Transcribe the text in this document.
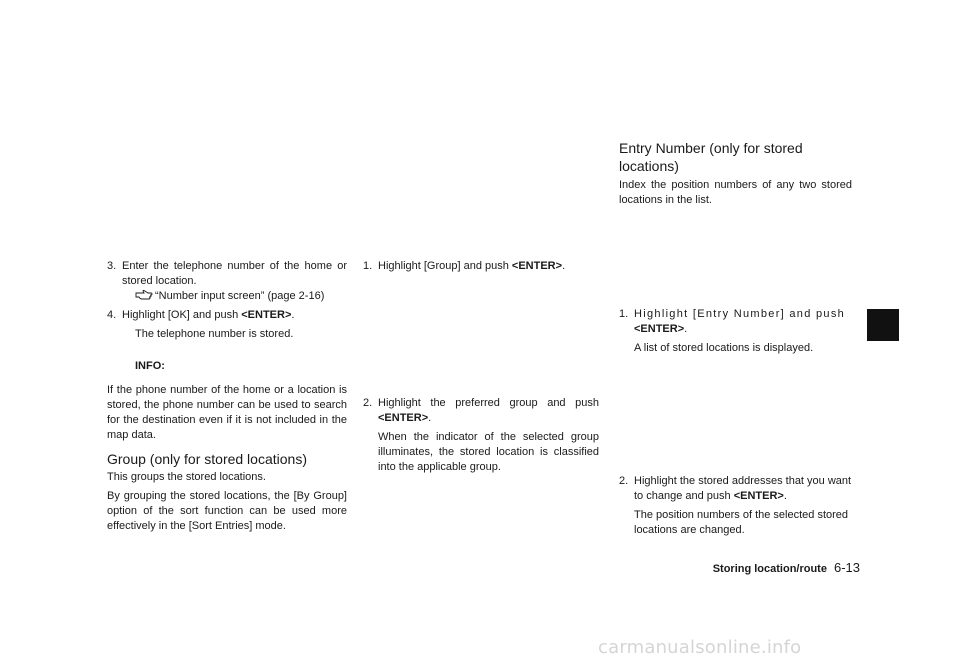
3. Enter the telephone number of the home or stored location.

“Number input screen” (page 2-16)

4. Highlight [OK] and push <ENTER>.

The telephone number is stored.

INFO:

If the phone number of the home or a location is stored, the phone number can be used to search for the destination even if it is not included in the map data.

Group (only for stored locations)

This groups the stored locations.

By grouping the stored locations, the [By Group] option of the sort function can be used more effectively in the [Sort Entries] mode.

1. Highlight [Group] and push <ENTER>.
2. Highlight the preferred group and push <ENTER>.

When the indicator of the selected group illuminates, the stored location is classified into the applicable group.

Entry Number (only for stored locations)

Index the position numbers of any two stored locations in the list.

1. Highlight [Entry Number] and push <ENTER>.

A list of stored locations is displayed.

2. Highlight the stored addresses that you want to change and push <ENTER>.

The position numbers of the selected stored locations are changed.

Storing location/route 6-13
carmanualsonline.info
